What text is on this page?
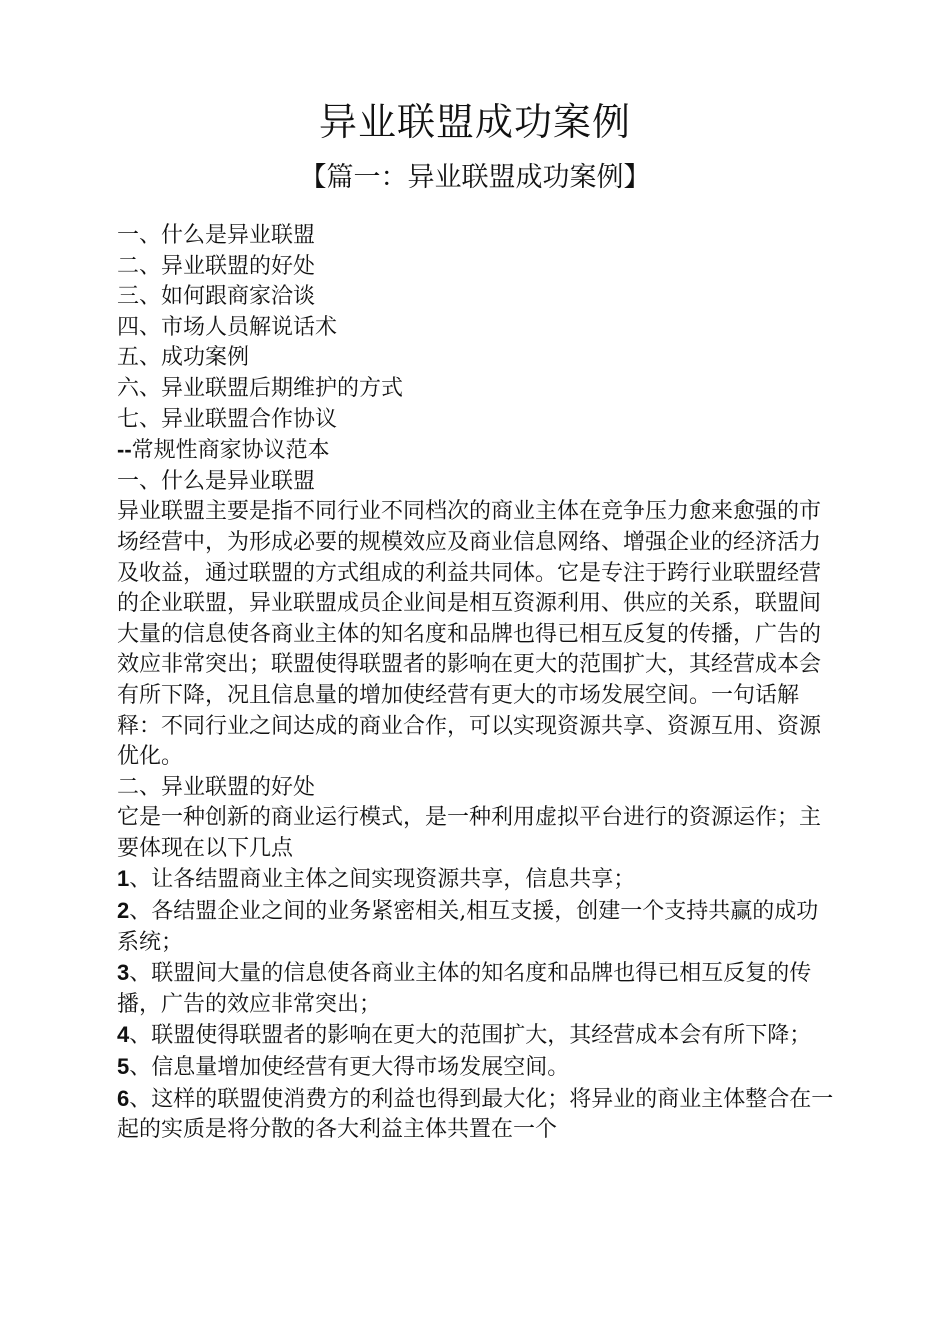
异业联盟成功案例
【篇一：异业联盟成功案例】

一、什么是异业联盟

二、异业联盟的好处

三、如何跟商家洽谈

四、市场人员解说话术

五、成功案例

六、异业联盟后期维护的方式

七、异业联盟合作协议

--常规性商家协议范本

一、什么是异业联盟

异业联盟主要是指不同行业不同档次的商业主体在竞争压力愈来愈强的市场经营中，为形成必要的规模效应及商业信息网络、增强企业的经济活力及收益，通过联盟的方式组成的利益共同体。它是专注于跨行业联盟经营的企业联盟，异业联盟成员企业间是相互资源利用、供应的关系，联盟间大量的信息使各商业主体的知名度和品牌也得已相互反复的传播，广告的效应非常突出；联盟使得联盟者的影响在更大的范围扩大，其经营成本会有所下降，况且信息量的增加使经营有更大的市场发展空间。一句话解释：不同行业之间达成的商业合作，可以实现资源共享、资源互用、资源优化。

二、异业联盟的好处

它是一种创新的商业运行模式，是一种利用虚拟平台进行的资源运作；主要体现在以下几点

1、让各结盟商业主体之间实现资源共享，信息共享；

2、各结盟企业之间的业务紧密相关,相互支援，创建一个支持共赢的成功系统；

3、联盟间大量的信息使各商业主体的知名度和品牌也得已相互反复的传播，广告的效应非常突出；

4、联盟使得联盟者的影响在更大的范围扩大，其经营成本会有所下降；

5、信息量增加使经营有更大得市场发展空间。

6、这样的联盟使消费方的利益也得到最大化；将异业的商业主体整合在一起的实质是将分散的各大利益主体共置在一个
